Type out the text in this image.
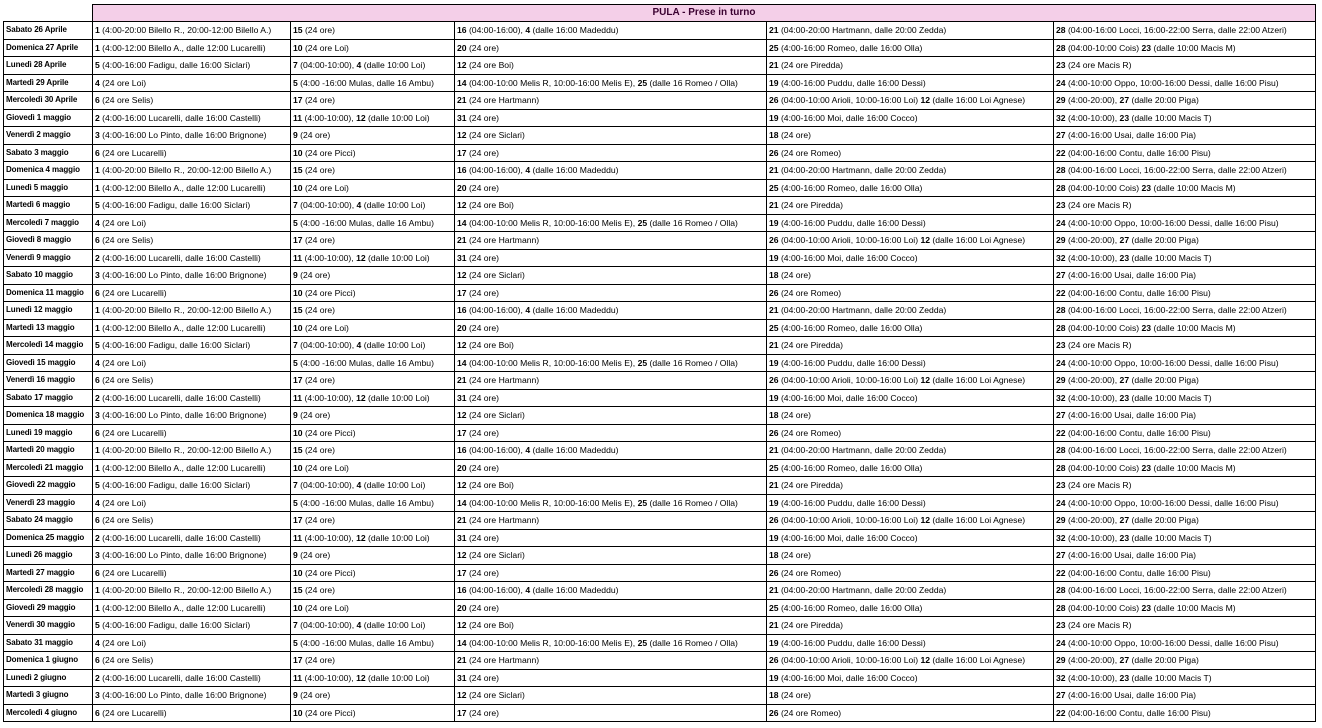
	PULA - Prese in turno				
Sabato 26 Aprile	1 (4:00-20:00 Bilello R., 20:00-12:00 Bilello A.)	15 (24 ore)	16 (04:00-16:00), 4 (dalle 16:00 Madeddu)	21 (04:00-20:00 Hartmann, dalle 20:00 Zedda)	28 (04:00-16:00 Locci, 16:00-22:00 Serra, dalle 22:00 Atzeri)
Domenica 27 Aprile	1 (4:00-12:00 Bilello A., dalle 12:00 Lucarelli)	10 (24 ore Loi)	20 (24 ore)	25 (4:00-16:00 Romeo, dalle 16:00 Olla)	28 (04:00-10:00 Cois) 23 (dalle 10:00 Macis M)
Lunedì 28 Aprile	5 (4:00-16:00 Fadigu, dalle 16:00 Siclari)	7 (04:00-10:00), 4 (dalle 10:00 Loi)	12 (24 ore Boi)	21 (24 ore Piredda)	23 (24 ore Macis R)
Martedì 29 Aprile	4 (24 ore Loi)	5 (4:00 -16:00 Mulas, dalle 16 Ambu)	14 (04:00-10:00 Melis R, 10:00-16:00 Melis E), 25 (dalle 16 Romeo / Olla)	19 (4:00-16:00 Puddu, dalle 16:00 Dessi)	24 (4:00-10:00 Oppo, 10:00-16:00 Dessi, dalle 16:00 Pisu)
Mercoledì 30 Aprile	6 (24 ore Selis)	17 (24 ore)	21 (24 ore Hartmann)	26 (04:00-10:00 Arioli, 10:00-16:00 Loi) 12 (dalle 16:00 Loi Agnese)	29 (4:00-20:00), 27 (dalle 20:00 Piga)
Giovedì 1 maggio	2 (4:00-16:00 Lucarelli, dalle 16:00 Castelli)	11 (4:00-10:00), 12 (dalle 10:00 Loi)	31 (24 ore)	19 (4:00-16:00 Moi, dalle 16:00 Cocco)	32 (4:00-10:00), 23 (dalle 10:00 Macis T)
Venerdì 2 maggio	3 (4:00-16:00 Lo Pinto, dalle 16:00 Brignone)	9 (24 ore)	12 (24 ore Siclari)	18 (24 ore)	27 (4:00-16:00 Usai, dalle 16:00 Pia)
Sabato 3 maggio	6 (24 ore Lucarelli)	10 (24 ore Picci)	17 (24 ore)	26 (24 ore Romeo)	22 (04:00-16:00 Contu, dalle 16:00 Pisu)
Domenica 4 maggio	1 (4:00-20:00 Bilello R., 20:00-12:00 Bilello A.)	15 (24 ore)	16 (04:00-16:00), 4 (dalle 16:00 Madeddu)	21 (04:00-20:00 Hartmann, dalle 20:00 Zedda)	28 (04:00-16:00 Locci, 16:00-22:00 Serra, dalle 22:00 Atzeri)
Lunedì 5 maggio	1 (4:00-12:00 Bilello A., dalle 12:00 Lucarelli)	10 (24 ore Loi)	20 (24 ore)	25 (4:00-16:00 Romeo, dalle 16:00 Olla)	28 (04:00-10:00 Cois) 23 (dalle 10:00 Macis M)
Martedì 6 maggio	5 (4:00-16:00 Fadigu, dalle 16:00 Siclari)	7 (04:00-10:00), 4 (dalle 10:00 Loi)	12 (24 ore Boi)	21 (24 ore Piredda)	23 (24 ore Macis R)
Mercoledì 7 maggio	4 (24 ore Loi)	5 (4:00 -16:00 Mulas, dalle 16 Ambu)	14 (04:00-10:00 Melis R, 10:00-16:00 Melis E), 25 (dalle 16 Romeo / Olla)	19 (4:00-16:00 Puddu, dalle 16:00 Dessi)	24 (4:00-10:00 Oppo, 10:00-16:00 Dessi, dalle 16:00 Pisu)
Giovedì 8 maggio	6 (24 ore Selis)	17 (24 ore)	21 (24 ore Hartmann)	26 (04:00-10:00 Arioli, 10:00-16:00 Loi) 12 (dalle 16:00 Loi Agnese)	29 (4:00-20:00), 27 (dalle 20:00 Piga)
Venerdì 9 maggio	2 (4:00-16:00 Lucarelli, dalle 16:00 Castelli)	11 (4:00-10:00), 12 (dalle 10:00 Loi)	31 (24 ore)	19 (4:00-16:00 Moi, dalle 16:00 Cocco)	32 (4:00-10:00), 23 (dalle 10:00 Macis T)
Sabato 10 maggio	3 (4:00-16:00 Lo Pinto, dalle 16:00 Brignone)	9 (24 ore)	12 (24 ore Siclari)	18 (24 ore)	27 (4:00-16:00 Usai, dalle 16:00 Pia)
Domenica 11 maggio	6 (24 ore Lucarelli)	10 (24 ore Picci)	17 (24 ore)	26 (24 ore Romeo)	22 (04:00-16:00 Contu, dalle 16:00 Pisu)
Lunedì 12 maggio	1 (4:00-20:00 Bilello R., 20:00-12:00 Bilello A.)	15 (24 ore)	16 (04:00-16:00), 4 (dalle 16:00 Madeddu)	21 (04:00-20:00 Hartmann, dalle 20:00 Zedda)	28 (04:00-16:00 Locci, 16:00-22:00 Serra, dalle 22:00 Atzeri)
Martedì 13 maggio	1 (4:00-12:00 Bilello A., dalle 12:00 Lucarelli)	10 (24 ore Loi)	20 (24 ore)	25 (4:00-16:00 Romeo, dalle 16:00 Olla)	28 (04:00-10:00 Cois) 23 (dalle 10:00 Macis M)
Mercoledì 14 maggio	5 (4:00-16:00 Fadigu, dalle 16:00 Siclari)	7 (04:00-10:00), 4 (dalle 10:00 Loi)	12 (24 ore Boi)	21 (24 ore Piredda)	23 (24 ore Macis R)
Giovedì 15 maggio	4 (24 ore Loi)	5 (4:00 -16:00 Mulas, dalle 16 Ambu)	14 (04:00-10:00 Melis R, 10:00-16:00 Melis E), 25 (dalle 16 Romeo / Olla)	19 (4:00-16:00 Puddu, dalle 16:00 Dessi)	24 (4:00-10:00 Oppo, 10:00-16:00 Dessi, dalle 16:00 Pisu)
Venerdì 16 maggio	6 (24 ore Selis)	17 (24 ore)	21 (24 ore Hartmann)	26 (04:00-10:00 Arioli, 10:00-16:00 Loi) 12 (dalle 16:00 Loi Agnese)	29 (4:00-20:00), 27 (dalle 20:00 Piga)
Sabato 17 maggio	2 (4:00-16:00 Lucarelli, dalle 16:00 Castelli)	11 (4:00-10:00), 12 (dalle 10:00 Loi)	31 (24 ore)	19 (4:00-16:00 Moi, dalle 16:00 Cocco)	32 (4:00-10:00), 23 (dalle 10:00 Macis T)
Domenica 18 maggio	3 (4:00-16:00 Lo Pinto, dalle 16:00 Brignone)	9 (24 ore)	12 (24 ore Siclari)	18 (24 ore)	27 (4:00-16:00 Usai, dalle 16:00 Pia)
Lunedì 19 maggio	6 (24 ore Lucarelli)	10 (24 ore Picci)	17 (24 ore)	26 (24 ore Romeo)	22 (04:00-16:00 Contu, dalle 16:00 Pisu)
Martedì 20 maggio	1 (4:00-20:00 Bilello R., 20:00-12:00 Bilello A.)	15 (24 ore)	16 (04:00-16:00), 4 (dalle 16:00 Madeddu)	21 (04:00-20:00 Hartmann, dalle 20:00 Zedda)	28 (04:00-16:00 Locci, 16:00-22:00 Serra, dalle 22:00 Atzeri)
Mercoledì 21 maggio	1 (4:00-12:00 Bilello A., dalle 12:00 Lucarelli)	10 (24 ore Loi)	20 (24 ore)	25 (4:00-16:00 Romeo, dalle 16:00 Olla)	28 (04:00-10:00 Cois) 23 (dalle 10:00 Macis M)
Giovedì 22 maggio	5 (4:00-16:00 Fadigu, dalle 16:00 Siclari)	7 (04:00-10:00), 4 (dalle 10:00 Loi)	12 (24 ore Boi)	21 (24 ore Piredda)	23 (24 ore Macis R)
Venerdì 23 maggio	4 (24 ore Loi)	5 (4:00 -16:00 Mulas, dalle 16 Ambu)	14 (04:00-10:00 Melis R, 10:00-16:00 Melis E), 25 (dalle 16 Romeo / Olla)	19 (4:00-16:00 Puddu, dalle 16:00 Dessi)	24 (4:00-10:00 Oppo, 10:00-16:00 Dessi, dalle 16:00 Pisu)
Sabato 24 maggio	6 (24 ore Selis)	17 (24 ore)	21 (24 ore Hartmann)	26 (04:00-10:00 Arioli, 10:00-16:00 Loi) 12 (dalle 16:00 Loi Agnese)	29 (4:00-20:00), 27 (dalle 20:00 Piga)
Domenica 25 maggio	2 (4:00-16:00 Lucarelli, dalle 16:00 Castelli)	11 (4:00-10:00), 12 (dalle 10:00 Loi)	31 (24 ore)	19 (4:00-16:00 Moi, dalle 16:00 Cocco)	32 (4:00-10:00), 23 (dalle 10:00 Macis T)
Lunedì 26 maggio	3 (4:00-16:00 Lo Pinto, dalle 16:00 Brignone)	9 (24 ore)	12 (24 ore Siclari)	18 (24 ore)	27 (4:00-16:00 Usai, dalle 16:00 Pia)
Martedì 27 maggio	6 (24 ore Lucarelli)	10 (24 ore Picci)	17 (24 ore)	26 (24 ore Romeo)	22 (04:00-16:00 Contu, dalle 16:00 Pisu)
Mercoledì 28 maggio	1 (4:00-20:00 Bilello R., 20:00-12:00 Bilello A.)	15 (24 ore)	16 (04:00-16:00), 4 (dalle 16:00 Madeddu)	21 (04:00-20:00 Hartmann, dalle 20:00 Zedda)	28 (04:00-16:00 Locci, 16:00-22:00 Serra, dalle 22:00 Atzeri)
Giovedì 29 maggio	1 (4:00-12:00 Bilello A., dalle 12:00 Lucarelli)	10 (24 ore Loi)	20 (24 ore)	25 (4:00-16:00 Romeo, dalle 16:00 Olla)	28 (04:00-10:00 Cois) 23 (dalle 10:00 Macis M)
Venerdì 30 maggio	5 (4:00-16:00 Fadigu, dalle 16:00 Siclari)	7 (04:00-10:00), 4 (dalle 10:00 Loi)	12 (24 ore Boi)	21 (24 ore Piredda)	23 (24 ore Macis R)
Sabato 31 maggio	4 (24 ore Loi)	5 (4:00 -16:00 Mulas, dalle 16 Ambu)	14 (04:00-10:00 Melis R, 10:00-16:00 Melis E), 25 (dalle 16 Romeo / Olla)	19 (4:00-16:00 Puddu, dalle 16:00 Dessi)	24 (4:00-10:00 Oppo, 10:00-16:00 Dessi, dalle 16:00 Pisu)
Domenica 1 giugno	6 (24 ore Selis)	17 (24 ore)	21 (24 ore Hartmann)	26 (04:00-10:00 Arioli, 10:00-16:00 Loi) 12 (dalle 16:00 Loi Agnese)	29 (4:00-20:00), 27 (dalle 20:00 Piga)
Lunedì 2 giugno	2 (4:00-16:00 Lucarelli, dalle 16:00 Castelli)	11 (4:00-10:00), 12 (dalle 10:00 Loi)	31 (24 ore)	19 (4:00-16:00 Moi, dalle 16:00 Cocco)	32 (4:00-10:00), 23 (dalle 10:00 Macis T)
Martedì 3 giugno	3 (4:00-16:00 Lo Pinto, dalle 16:00 Brignone)	9 (24 ore)	12 (24 ore Siclari)	18 (24 ore)	27 (4:00-16:00 Usai, dalle 16:00 Pia)
Mercoledì 4 giugno	6 (24 ore Lucarelli)	10 (24 ore Picci)	17 (24 ore)	26 (24 ore Romeo)	22 (04:00-16:00 Contu, dalle 16:00 Pisu)
